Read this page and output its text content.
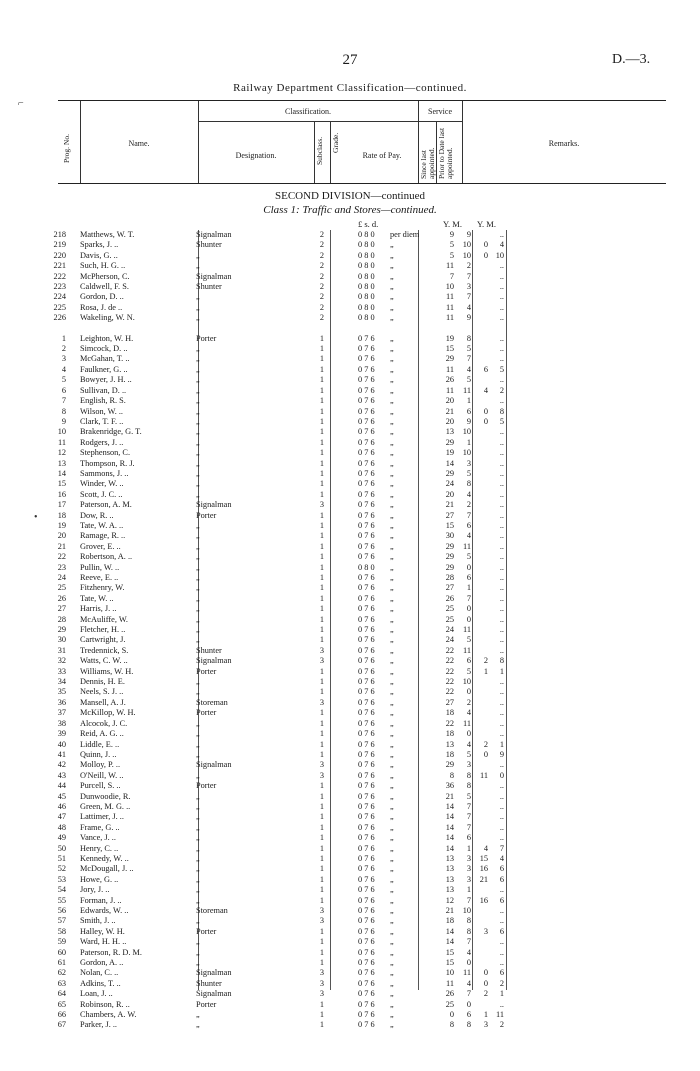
27	D.—3.
Railway Department Classification—continued.
Prog. No.	Name.
Classification.
Designation.	Subclass. Grade.
Rate of Pay.
Service
Since last appointed. Prior to Date last appointed.
Remarks.
SECOND DIVISION—continued
Class 1: Traffic and Stores—continued.
£ s. d.	Y. M. Y. M.
⌐
•
218 Matthews, W. T.	Signalman	2	0 8 0 per diem	9	9	..
219 Sparks, J. ..	Shunter	2	0 8 0 „	5	10	0	4
220 Davis, G. ..	„	2	0 8 0 „	5	10	0 10
221 Such, H. G. ..	„	2	0 8 0 „	11	2	..
222 McPherson, C.	Signalman	2	0 8 0 „	7	7	..
223 Caldwell, F. S.	Shunter	2	0 8 0 „	10	3	..
224 Gordon, D. ..	„	2	0 8 0 „	11	7	..
225 Rosa, J. de ..	„	2	0 8 0 „	11	4	..
226 Wakeling, W. N.	„	2	0 8 0 „	11	9	..
1 Leighton, W. H.	Porter	1	0 7 6 „	19	8	..
2 Simcock, D. ..	„	1	0 7 6 „	15	5	..
3 McGahan, T. ..	„	1	0 7 6 „	29	7	..
4 Faulkner, G. ..	„	1	0 7 6 „	11	4	6	5
5 Bowyer, J. H. ..	„	1	0 7 6 „	26	5	..
6 Sullivan, D. ..	„	1	0 7 6 „	11	11	4	2
7 English, R. S.	„	1	0 7 6 „	20	1	..
8 Wilson, W. ..	„	1	0 7 6 „	21	6	0	8
9 Clark, T. F. ..	„	1	0 7 6 „	20	9	0	5
10 Brakenridge, G. T.	„	1	0 7 6 „	13	10	..
11 Rodgers, J. ..	„	1	0 7 6 „	29	1	..
12 Stephenson, C.	„	1	0 7 6 „	19	10	..
13 Thompson, R. J.	„	1	0 7 6 „	14	3	..
14 Sammons, J. ..	„	1	0 7 6 „	29	5	..
15 Winder, W. ..	„	1	0 7 6 „	24	8	..
16 Scott, J. C. ..	„	1	0 7 6 „	20	4	..
17 Paterson, A. M.	Signalman	3	0 7 6 „	21	2	..
18 Dow, R. ..	Porter	1	0 7 6 „	27	7	..
19 Tate, W. A. ..	„	1	0 7 6 „	15	6	..
20 Ramage, R. ..	„	1	0 7 6 „	30	4	..
21 Grover, E. ..	„	1	0 7 6 „	29	11	..
22 Robertson, A. ..	„	1	0 7 6 „	29	5	..
23 Pullin, W. ..	„	1	0 8 0 „	29	0	..
24 Reeve, E. ..	„	1	0 7 6 „	28	6	..
25 Fitzhenry, W.	„	1	0 7 6 „	27	1	..
26 Tate, W. ..	„	1	0 7 6 „	26	7	..
27 Harris, J. ..	„	1	0 7 6 „	25	0	..
28 McAuliffe, W.	„	1	0 7 6 „	25	0	..
29 Fletcher, H. ..	„	1	0 7 6 „	24	11	..
30 Cartwright, J.	„	1	0 7 6 „	24	5	..
31 Tredennick, S.	Shunter	3	0 7 6 „	22	11	..
32 Watts, C. W. ..	Signalman	3	0 7 6 „	22	6	2	8
33 Williams, W. H.	Porter	1	0 7 6 „	22	5	1	1
34 Dennis, H. E.	„	1	0 7 6 „	22	10	..
35 Neels, S. J. ..	„	1	0 7 6 „	22	0	..
36 Mansell, A. J.	Storeman	3	0 7 6 „	27	2	..
37 McKillop, W. H.	Porter	1	0 7 6 „	18	4	..
38 Alcocok, J. C.	„	1	0 7 6 „	22	11	..
39 Reid, A. G. ..	„	1	0 7 6 „	18	0	..
40 Liddle, E. ..	„	1	0 7 6 „	13	4	2	1
41 Quinn, J. ..	„	1	0 7 6 „	18	5	0	9
42 Molloy, P. ..	Signalman	3	0 7 6 „	29	3	..
43 O'Neill, W. ..	„	3	0 7 6 „	8	8	11	0
44 Purcell, S. ..	Porter	1	0 7 6 „	36	8	..
45 Dunwoodie, R.	„	1	0 7 6 „	21	5	..
46 Green, M. G. ..	„	1	0 7 6 „	14	7	..
47 Lattimer, J. ..	„	1	0 7 6 „	14	7	..
48 Frame, G. ..	„	1	0 7 6 „	14	7	..
49 Vance, J. ..	„	1	0 7 6 „	14	6	..
50 Henry, C. ..	„	1	0 7 6 „	14	1	4	7
51 Kennedy, W. ..	„	1	0 7 6 „	13	3	15	4
52 McDougall, J. ..	„	1	0 7 6 „	13	3	16	6
53 Howe, G. ..	„	1	0 7 6 „	13	3	21	6
54 Jory, J. ..	„	1	0 7 6 „	13	1	..
55 Forman, J. ..	„	1	0 7 6 „	12	7	16	6
56 Edwards, W. ..	Storeman	3	0 7 6 „	21	10	..
57 Smith, J. ..	„	3	0 7 6 „	18	8	..
58 Halley, W. H.	Porter	1	0 7 6 „	14	8	3	6
59 Ward, H. H. ..	„	1	0 7 6 „	14	7	..
60 Paterson, R. D. M.	„	1	0 7 6 „	15	4	..
61 Gordon, A. ..	„	1	0 7 6 „	15	0	..
62 Nolan, C. ..	Signalman	3	0 7 6 „	10	11	0	6
63 Adkins, T. ..	Shunter	3	0 7 6 „	11	4	0	2
64 Loan, J. ..	Signalman	3	0 7 6 „	26	7	2	1
65 Robinson, R. ..	Porter	1	0 7 6 „	25	0	..
66 Chambers, A. W.	„	1	0 7 6 „	0	6	1 11
67 Parker, J. ..	„	1	0 7 6 „	8	8	3	2
